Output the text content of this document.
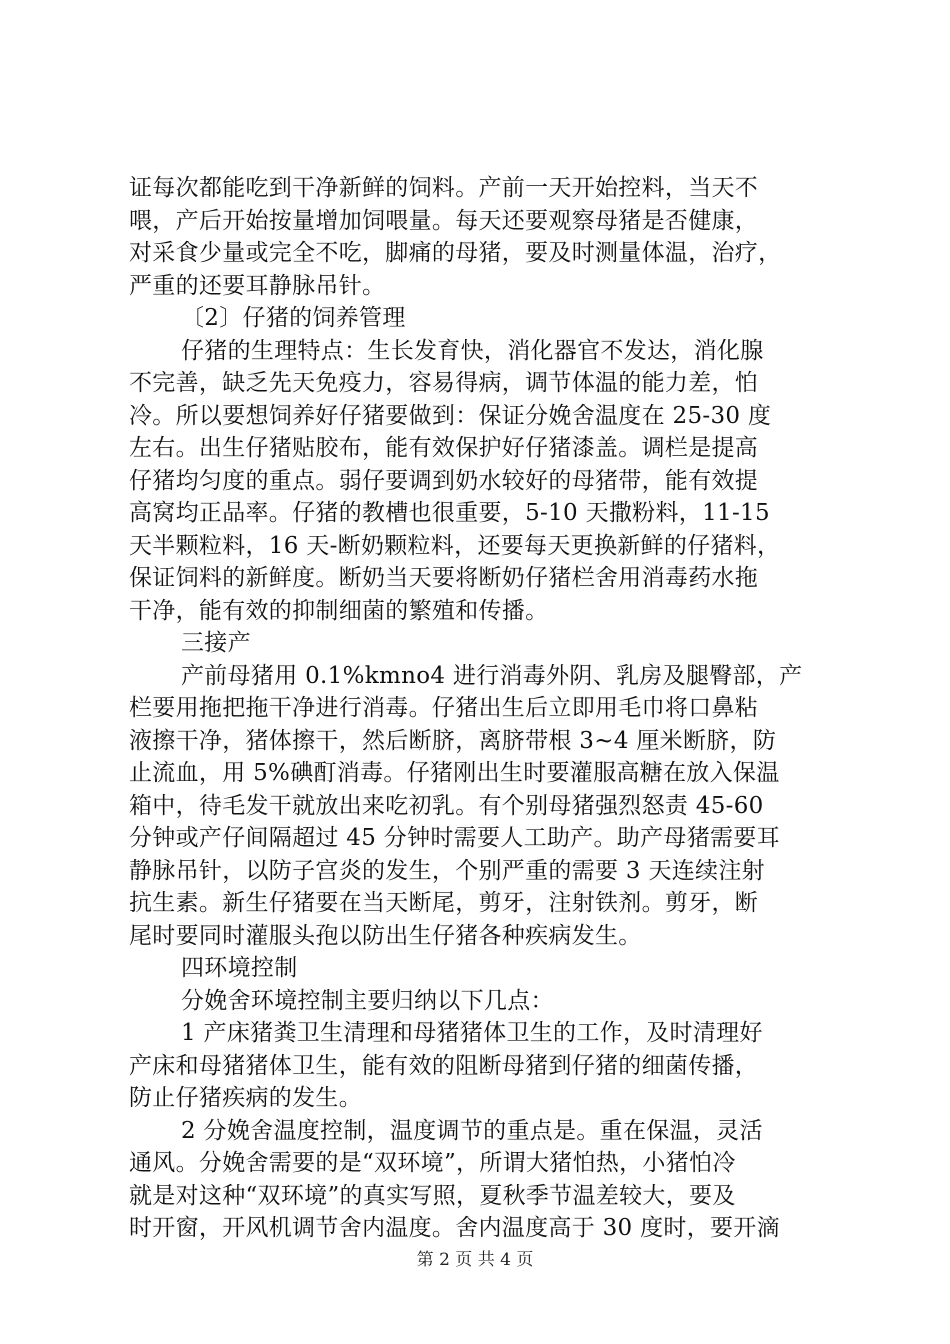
证每次都能吃到干净新鲜的饲料。产前一天开始控料，当天不

喂，产后开始按量增加饲喂量。每天还要观察母猪是否健康，

对采食少量或完全不吃，脚痛的母猪，要及时测量体温，治疗，

严重的还要耳静脉吊针。

〔2〕仔猪的饲养管理

仔猪的生理特点：生长发育快，消化器官不发达，消化腺

不完善，缺乏先天免疫力，容易得病，调节体温的能力差，怕

冷。所以要想饲养好仔猪要做到：保证分娩舍温度在 25-30 度

左右。出生仔猪贴胶布，能有效保护好仔猪漆盖。调栏是提高

仔猪均匀度的重点。弱仔要调到奶水较好的母猪带，能有效提

高窝均正品率。仔猪的教槽也很重要，5-10 天撒粉料，11-15

天半颗粒料，16 天-断奶颗粒料，还要每天更换新鲜的仔猪料，

保证饲料的新鲜度。断奶当天要将断奶仔猪栏舍用消毒药水拖

干净，能有效的抑制细菌的繁殖和传播。

三接产

产前母猪用 0.1%kmno4 进行消毒外阴、乳房及腿臀部，产

栏要用拖把拖干净进行消毒。仔猪出生后立即用毛巾将口鼻粘

液擦干净，猪体擦干，然后断脐，离脐带根 3~4 厘米断脐，防

止流血，用 5%碘酊消毒。仔猪刚出生时要灌服高糖在放入保温

箱中，待毛发干就放出来吃初乳。有个别母猪强烈怒责 45-60

分钟或产仔间隔超过 45 分钟时需要人工助产。助产母猪需要耳

静脉吊针，以防子宫炎的发生，个别严重的需要 3 天连续注射

抗生素。新生仔猪要在当天断尾，剪牙，注射铁剂。剪牙，断

尾时要同时灌服头孢以防出生仔猪各种疾病发生。

四环境控制

分娩舍环境控制主要归纳以下几点：

1 产床猪粪卫生清理和母猪猪体卫生的工作，及时清理好

产床和母猪猪体卫生，能有效的阻断母猪到仔猪的细菌传播，

防止仔猪疾病的发生。

2 分娩舍温度控制，温度调节的重点是。重在保温，灵活

通风。分娩舍需要的是“双环境”，所谓大猪怕热，小猪怕冷

就是对这种“双环境”的真实写照，夏秋季节温差较大，要及

时开窗，开风机调节舍内温度。舍内温度高于 30 度时，要开滴

第 2 页 共 4 页
